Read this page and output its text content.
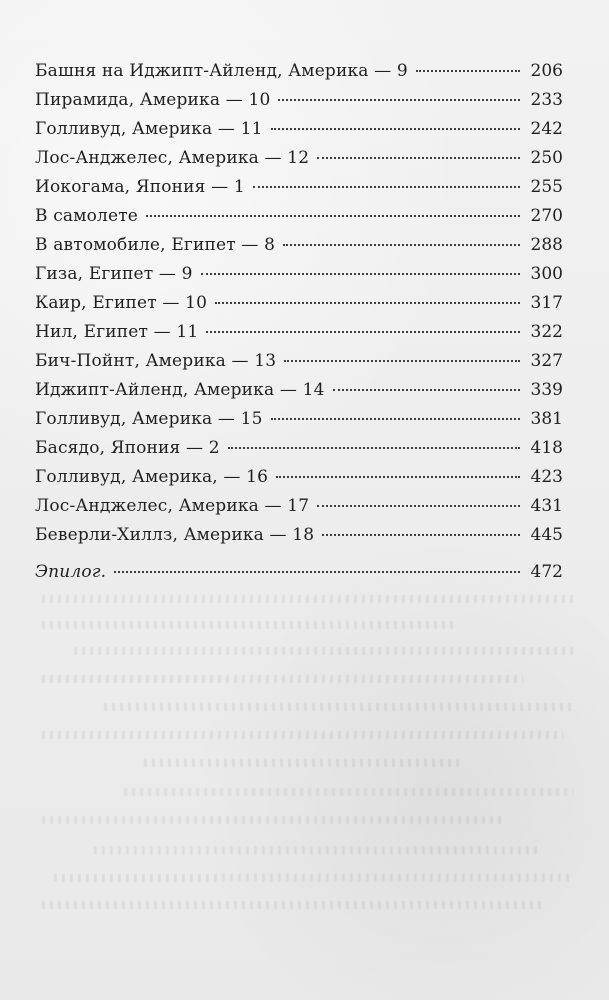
Башня на Иджипт-Айленд, Америка — 9	206
Пирамида, Америка — 10	233
Голливуд, Америка — 11	242
Лос-Анджелес, Америка — 12	250
Иокогама, Япония — 1	255
В самолете	270
В автомобиле, Египет — 8	288
Гиза, Египет — 9	300
Каир, Египет — 10	317
Нил, Египет — 11	322
Бич-Пойнт, Америка — 13	327
Иджипт-Айленд, Америка — 14	339
Голливуд, Америка — 15	381
Басядо, Япония — 2	418
Голливуд, Америка, — 16	423
Лос-Анджелес, Америка — 17	431
Беверли-Хиллз, Америка — 18	445
Эпилог.	472
